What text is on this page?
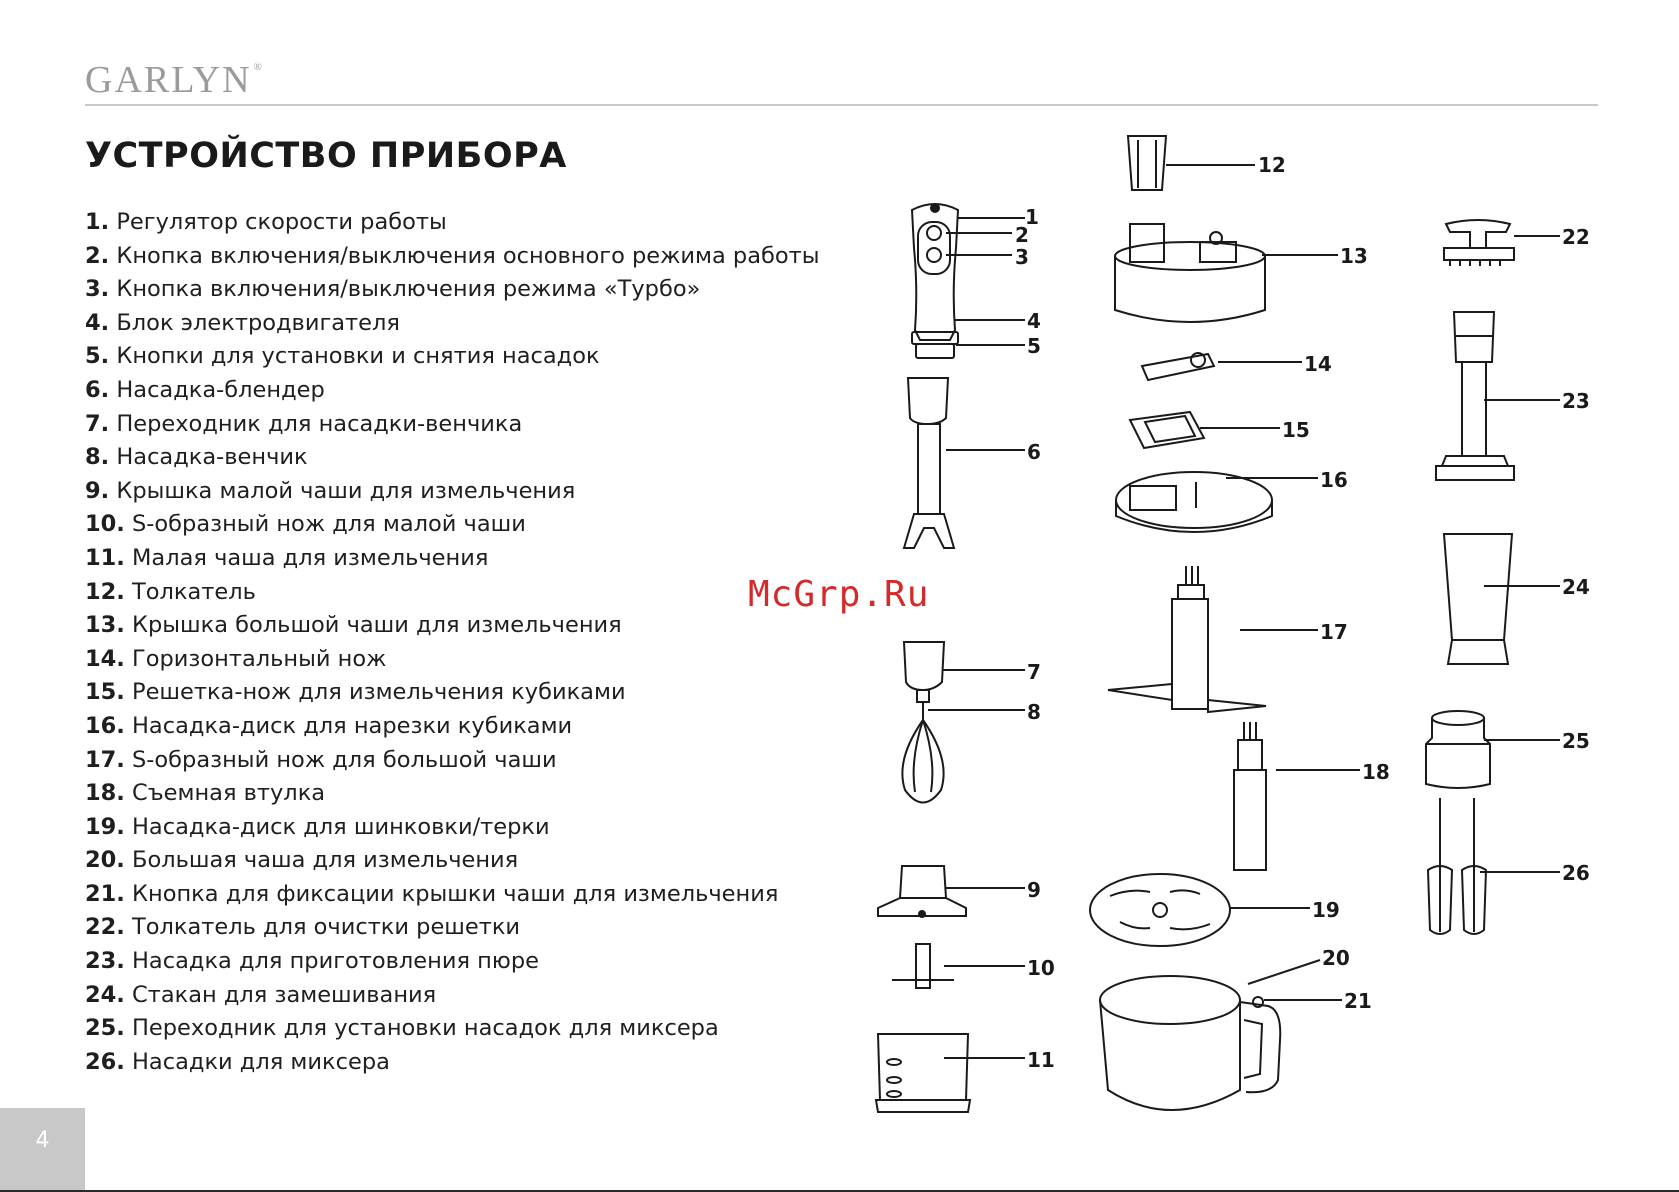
GARLYN ®
УСТРОЙСТВО ПРИБОРА
1. Регулятор скорости работы
2. Кнопка включения/выключения основного режима работы
3. Кнопка включения/выключения режима «Турбо»
4. Блок электродвигателя
5. Кнопки для установки и снятия насадок
6. Насадка-блендер
7. Переходник для насадки-венчика
8. Насадка-венчик
9. Крышка малой чаши для измельчения
10. S-образный нож для малой чаши
11. Малая чаша для измельчения
12. Толкатель
13. Крышка большой чаши для измельчения
14. Горизонтальный нож
15. Решетка-нож для измельчения кубиками
16. Насадка-диск для нарезки кубиками
17. S-образный нож для большой чаши
18. Съемная втулка
19. Насадка-диск для шинковки/терки
20. Большая чаша для измельчения
21. Кнопка для фиксации крышки чаши для измельчения
22. Толкатель для очистки решетки
23. Насадка для приготовления пюре
24. Стакан для замешивания
25. Переходник для установки насадок для миксера
26. Насадки для миксера
1
2
3
4
5
6
7
8
9
10
11
12
13
14
15
16
17
18
19
20
21
22
23
24
25
26
McGrp.Ru
4
